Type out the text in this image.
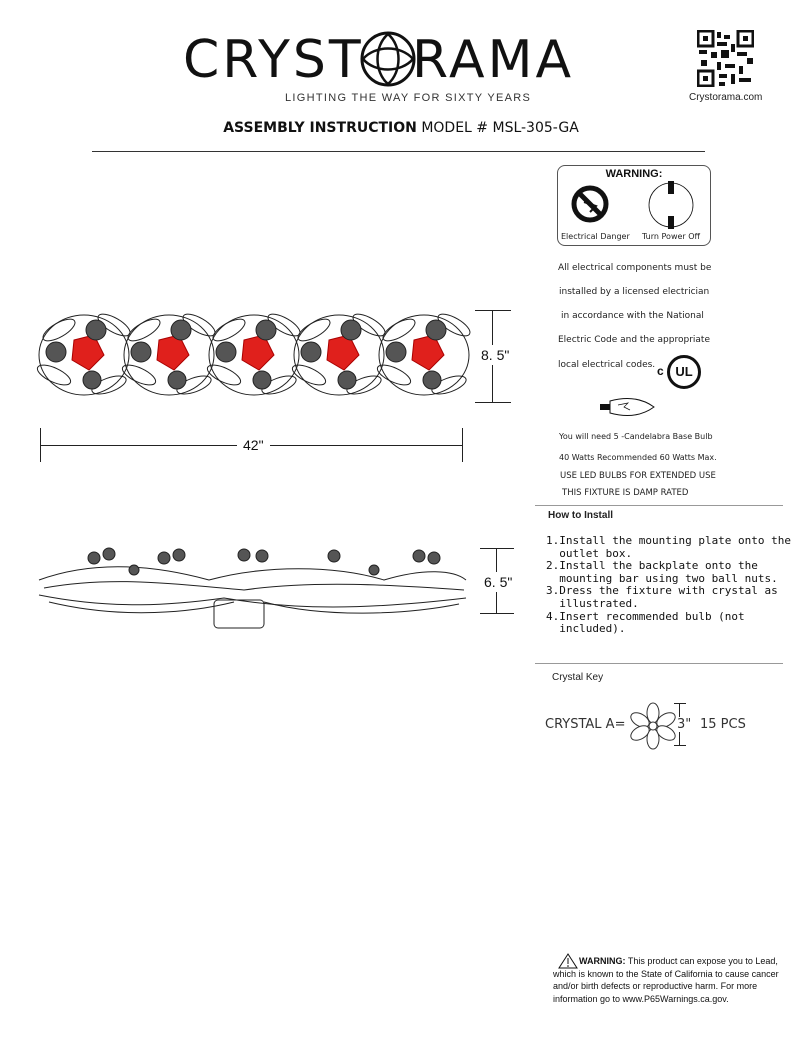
CRYST RAMA
LIGHTING THE WAY FOR SIXTY YEARS	Crystorama.com
ASSEMBLY INSTRUCTION MODEL # MSL-305-GA
8. 5"
42"
6. 5"
WARNING:
Electrical Danger Turn Power Off
All electrical components must be
installed by a licensed electrician
in accordance with the National
Electric Code and the appropriate
local electrical codes. c UL
You will need 5 -Candelabra Base Bulb
40 Watts Recommended 60 Watts Max.
USE LED BULBS FOR EXTENDED USE
THIS FIXTURE IS DAMP RATED
How to Install
1.Install the mounting plate onto the
outlet box.
2.Install the backplate onto the
mounting bar using two ball nuts.
3.Dress the fixture with crystal as
illustrated.
4.Insert recommended bulb (not
included).
Crystal Key
CRYSTAL A=	3" 15 PCS
WARNING: This product can expose you to Lead, which is known to the State of California to cause cancer and/or birth defects or reproductive harm. For more information go to www.P65Warnings.ca.gov.
